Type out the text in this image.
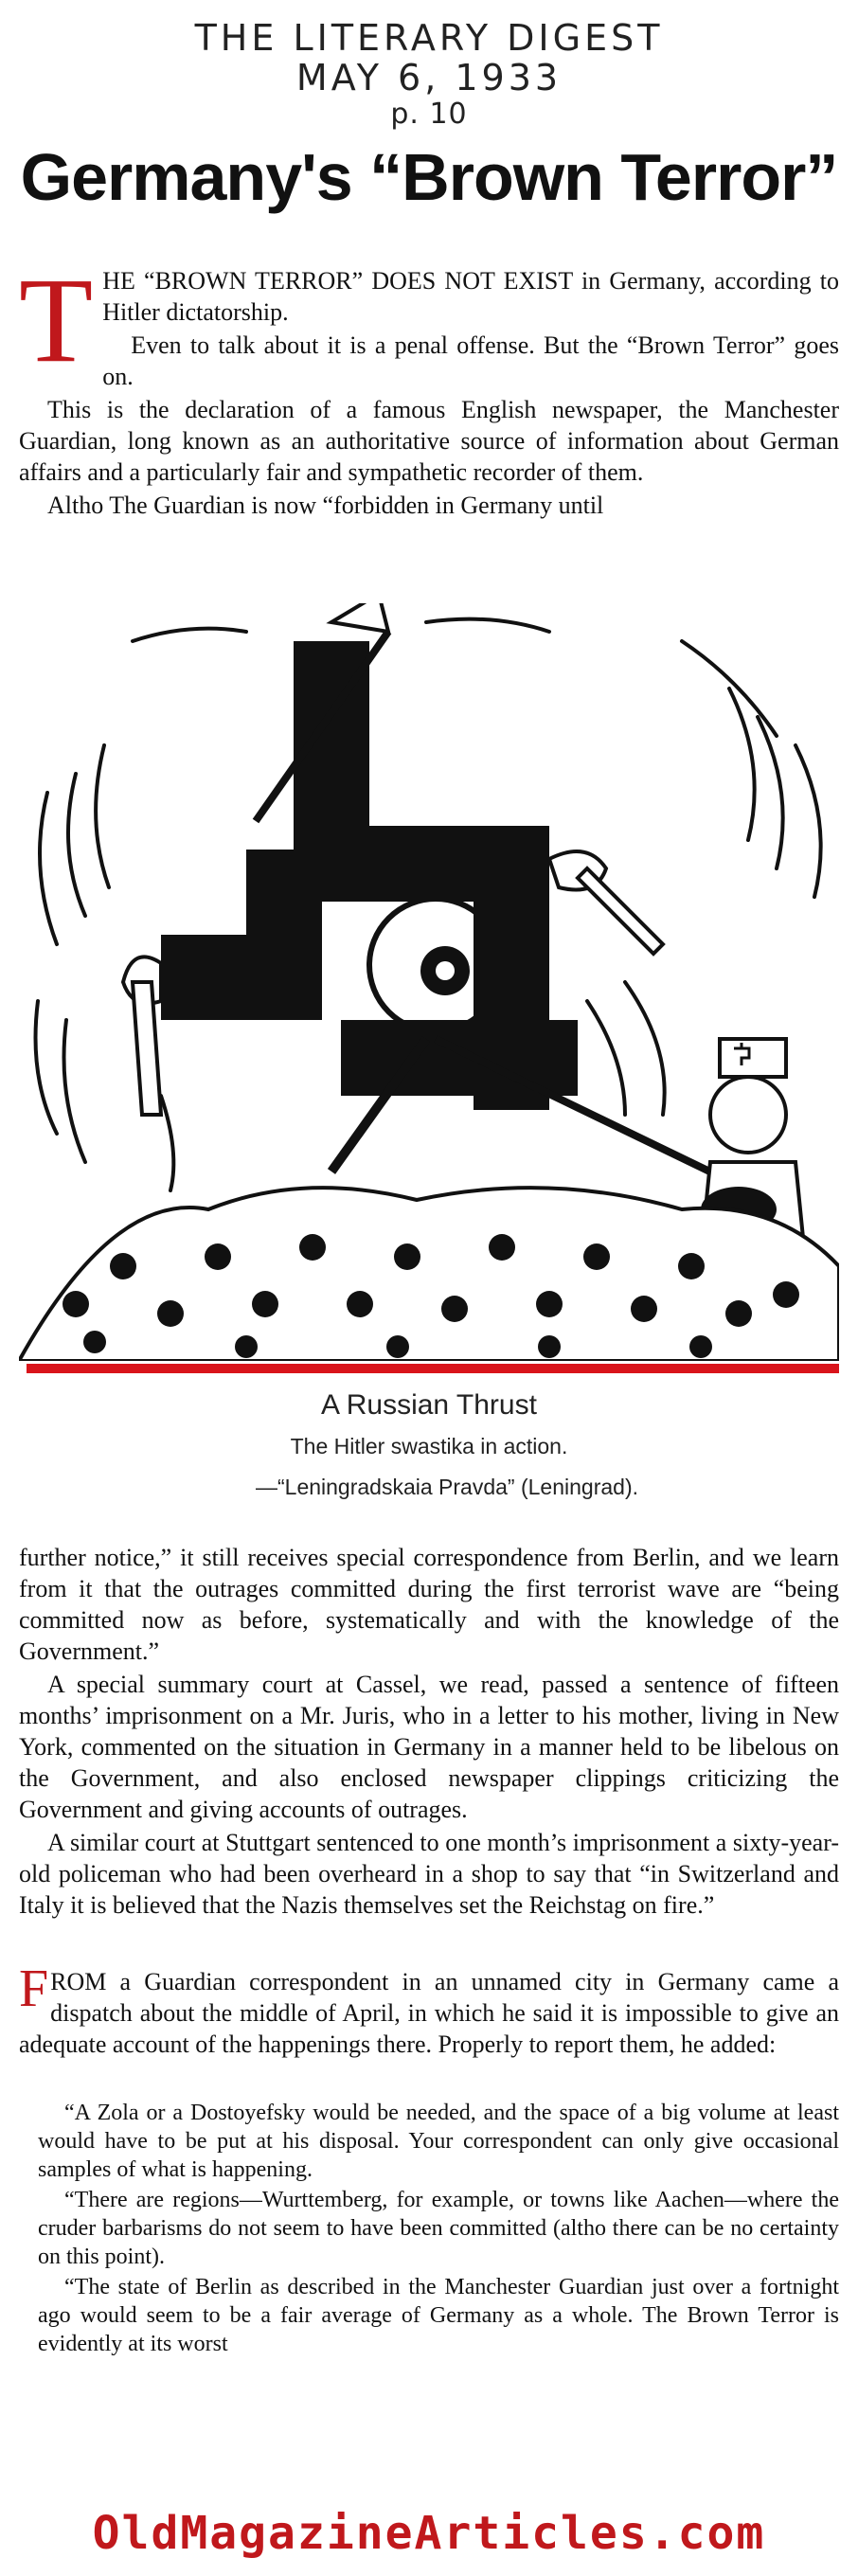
THE LITERARY DIGEST
MAY 6, 1933
p. 10
Germany's “Brown Terror”
T HE “BROWN TERROR” DOES NOT EXIST in Germany, according to Hitler dictatorship.

Even to talk about it is a penal offense. But the “Brown Terror” goes on.

This is the declaration of a famous English newspaper, the Manchester Guardian, long known as an authoritative source of information about German affairs and a particularly fair and sympathetic recorder of them.

Altho The Guardian is now “forbidden in Germany until

A Russian Thrust
The Hitler swastika in action.
—“Leningradskaia Pravda” (Leningrad).

further notice,” it still receives special correspondence from Berlin, and we learn from it that the outrages committed during the first terrorist wave are “being committed now as before, systematically and with the knowledge of the Government.”

A special summary court at Cassel, we read, passed a sentence of fifteen months’ imprisonment on a Mr. Juris, who in a letter to his mother, living in New York, commented on the situation in Germany in a manner held to be libelous on the Government, and also enclosed newspaper clippings criticizing the Government and giving accounts of outrages.

A similar court at Stuttgart sentenced to one month’s imprisonment a sixty-year-old policeman who had been overheard in a shop to say that “in Switzerland and Italy it is believed that the Nazis themselves set the Reichstag on fire.”

F ROM a Guardian correspondent in an unnamed city in Germany came a dispatch about the middle of April, in which he said it is impossible to give an adequate account of the happenings there. Properly to report them, he added:

“A Zola or a Dostoyefsky would be needed, and the space of a big volume at least would have to be put at his disposal. Your correspondent can only give occasional samples of what is happening.

“There are regions—Wurttemberg, for example, or towns like Aachen—where the cruder barbarisms do not seem to have been committed (altho there can be no certainty on this point).

“The state of Berlin as described in the Manchester Guardian just over a fortnight ago would seem to be a fair average of Germany as a whole. The Brown Terror is evidently at its worst

OldMagazineArticles.com
